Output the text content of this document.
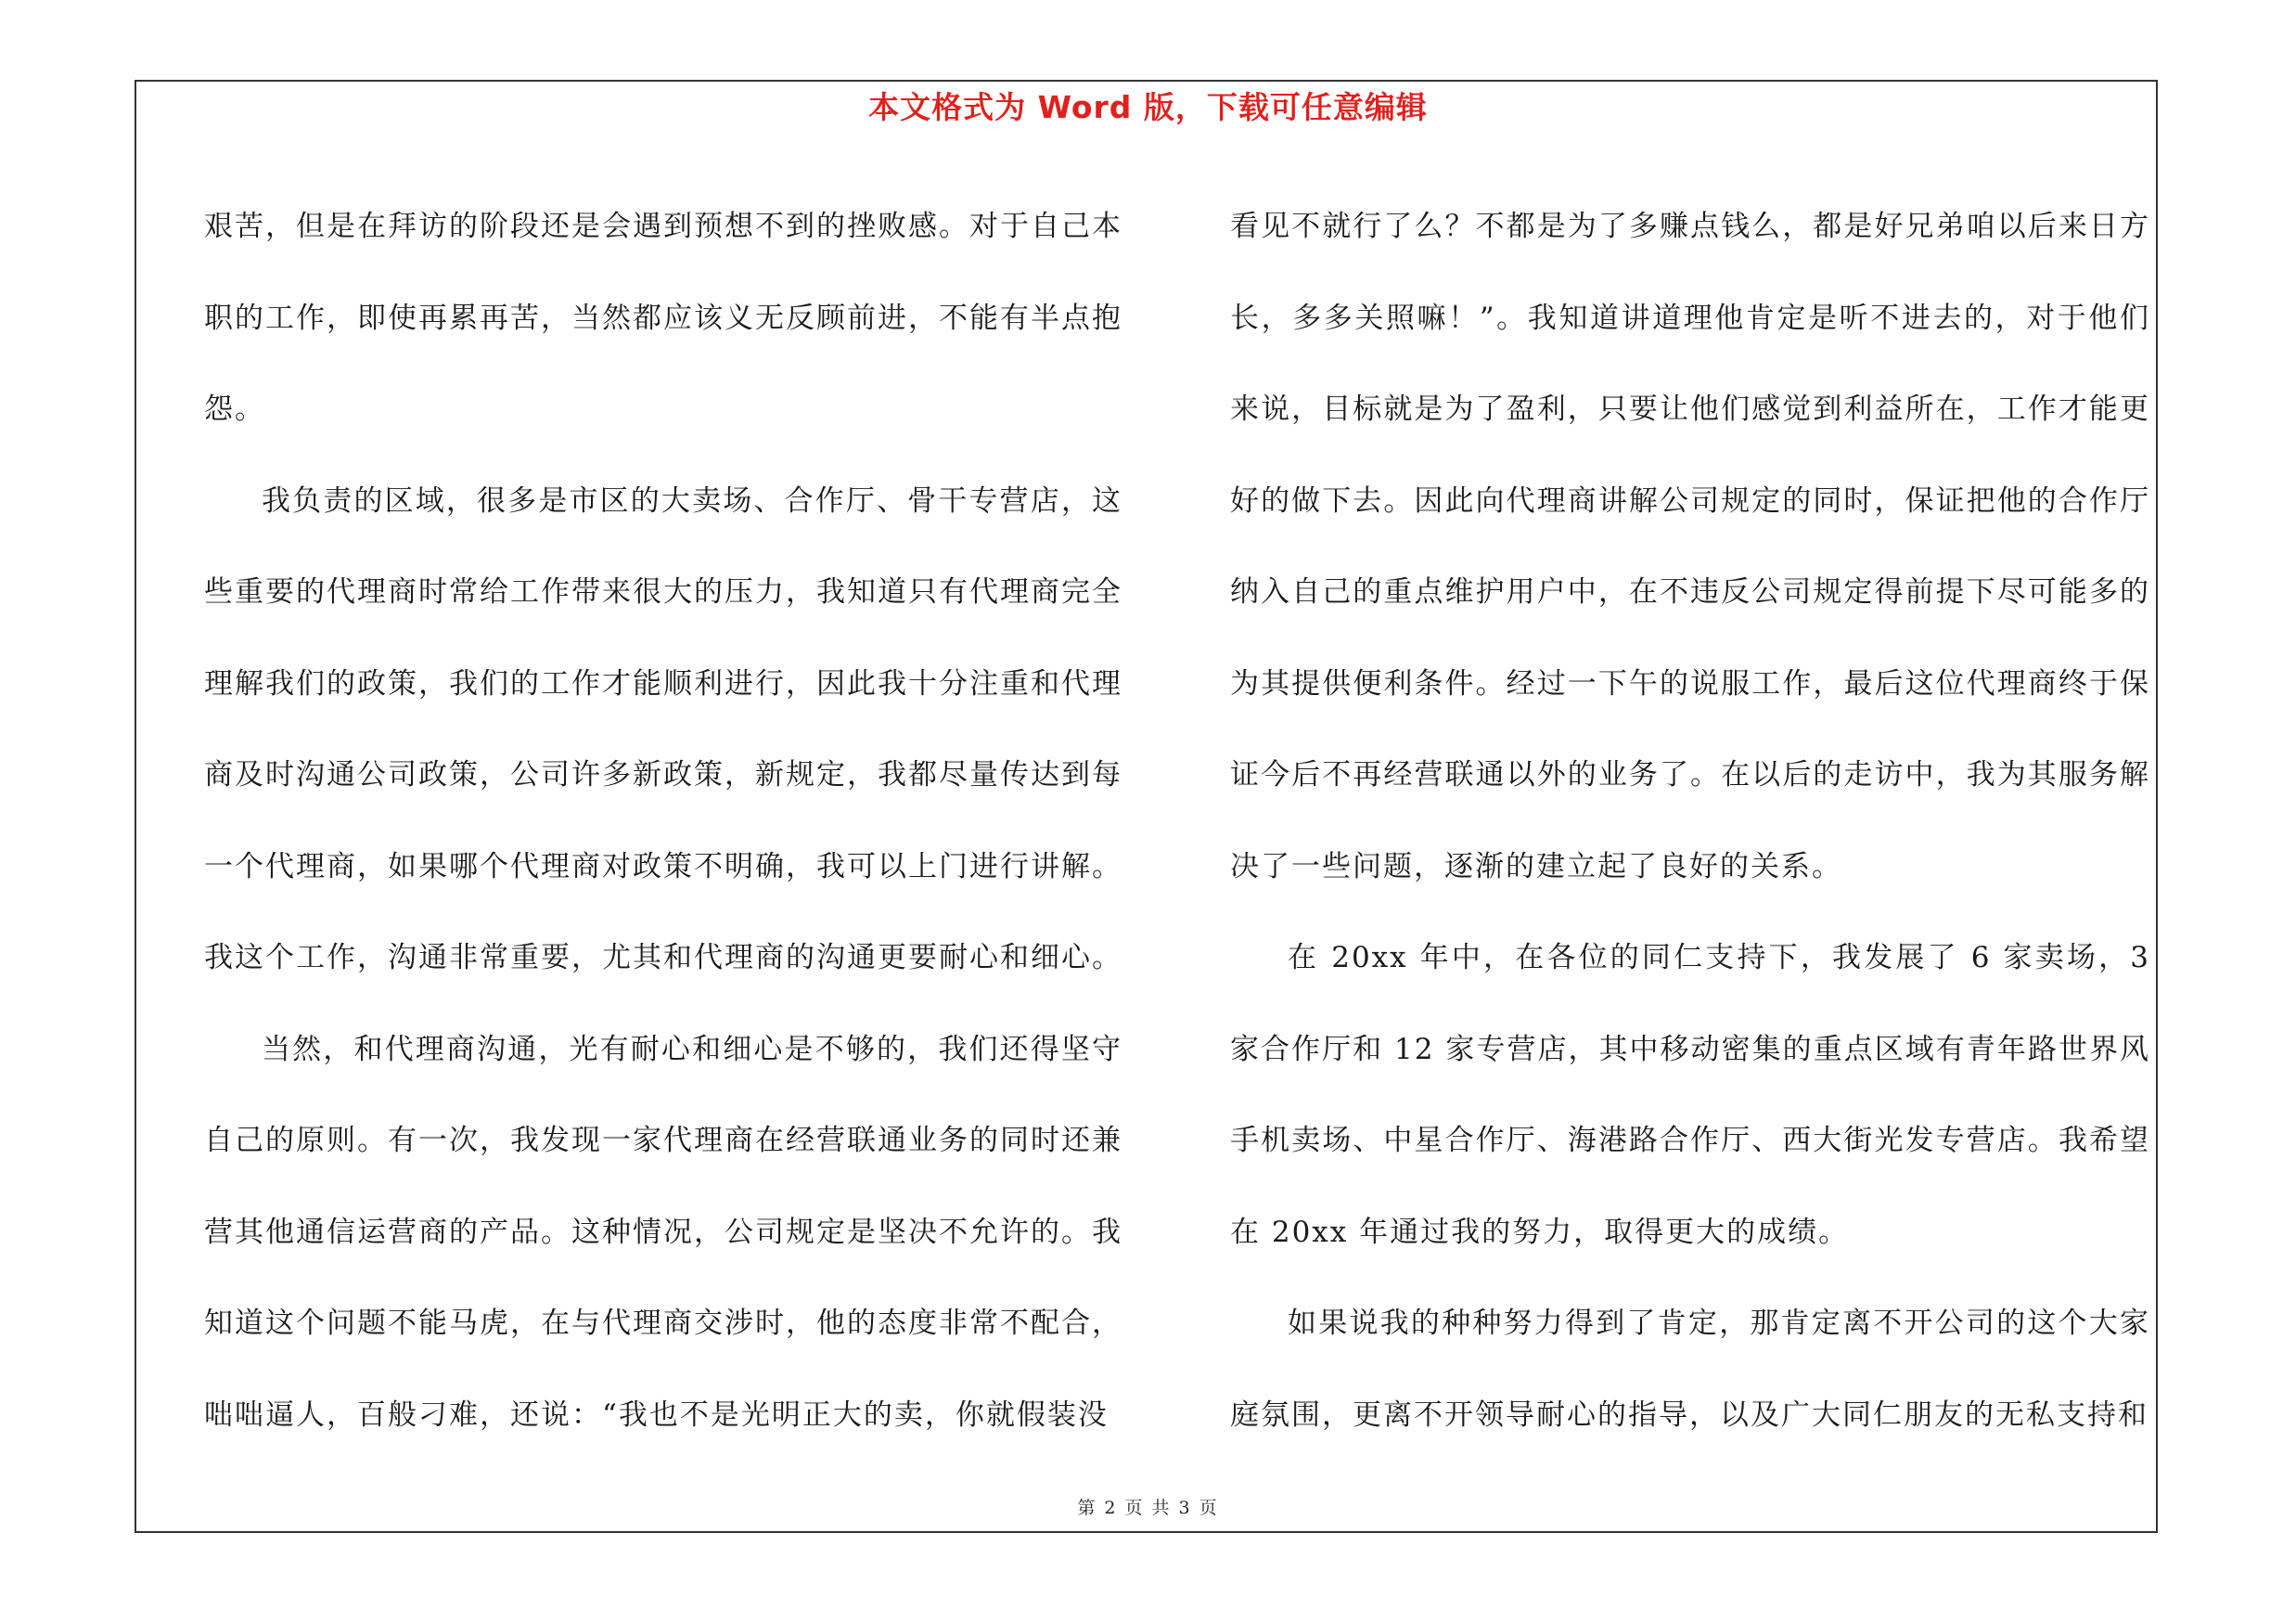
本文格式为 Word 版，下载可任意编辑

艰苦，但是在拜访的阶段还是会遇到预想不到的挫败感。对于自己本职的工作，即使再累再苦，当然都应该义无反顾前进，不能有半点抱怨。

我负责的区域，很多是市区的大卖场、合作厅、骨干专营店，这些重要的代理商时常给工作带来很大的压力，我知道只有代理商完全理解我们的政策，我们的工作才能顺利进行，因此我十分注重和代理商及时沟通公司政策，公司许多新政策，新规定，我都尽量传达到每一个代理商，如果哪个代理商对政策不明确，我可以上门进行讲解。我这个工作，沟通非常重要，尤其和代理商的沟通更要耐心和细心。

当然，和代理商沟通，光有耐心和细心是不够的，我们还得坚守自己的原则。有一次，我发现一家代理商在经营联通业务的同时还兼营其他通信运营商的产品。这种情况，公司规定是坚决不允许的。我知道这个问题不能马虎，在与代理商交涉时，他的态度非常不配合，咄咄逼人，百般刁难，还说：“我也不是光明正大的卖，你就假装没

看见不就行了么？不都是为了多赚点钱么，都是好兄弟咱以后来日方长，多多关照嘛！”。我知道讲道理他肯定是听不进去的，对于他们来说，目标就是为了盈利，只要让他们感觉到利益所在，工作才能更好的做下去。因此向代理商讲解公司规定的同时，保证把他的合作厅纳入自己的重点维护用户中，在不违反公司规定得前提下尽可能多的为其提供便利条件。经过一下午的说服工作，最后这位代理商终于保证今后不再经营联通以外的业务了。在以后的走访中，我为其服务解决了一些问题，逐渐的建立起了良好的关系。

在 20xx 年中，在各位的同仁支持下，我发展了 6 家卖场，3 家合作厅和 12 家专营店，其中移动密集的重点区域有青年路世界风手机卖场、中星合作厅、海港路合作厅、西大街光发专营店。我希望在 20xx 年通过我的努力，取得更大的成绩。

如果说我的种种努力得到了肯定，那肯定离不开公司的这个大家庭氛围，更离不开领导耐心的指导，以及广大同仁朋友的无私支持和

第 2 页 共 3 页
